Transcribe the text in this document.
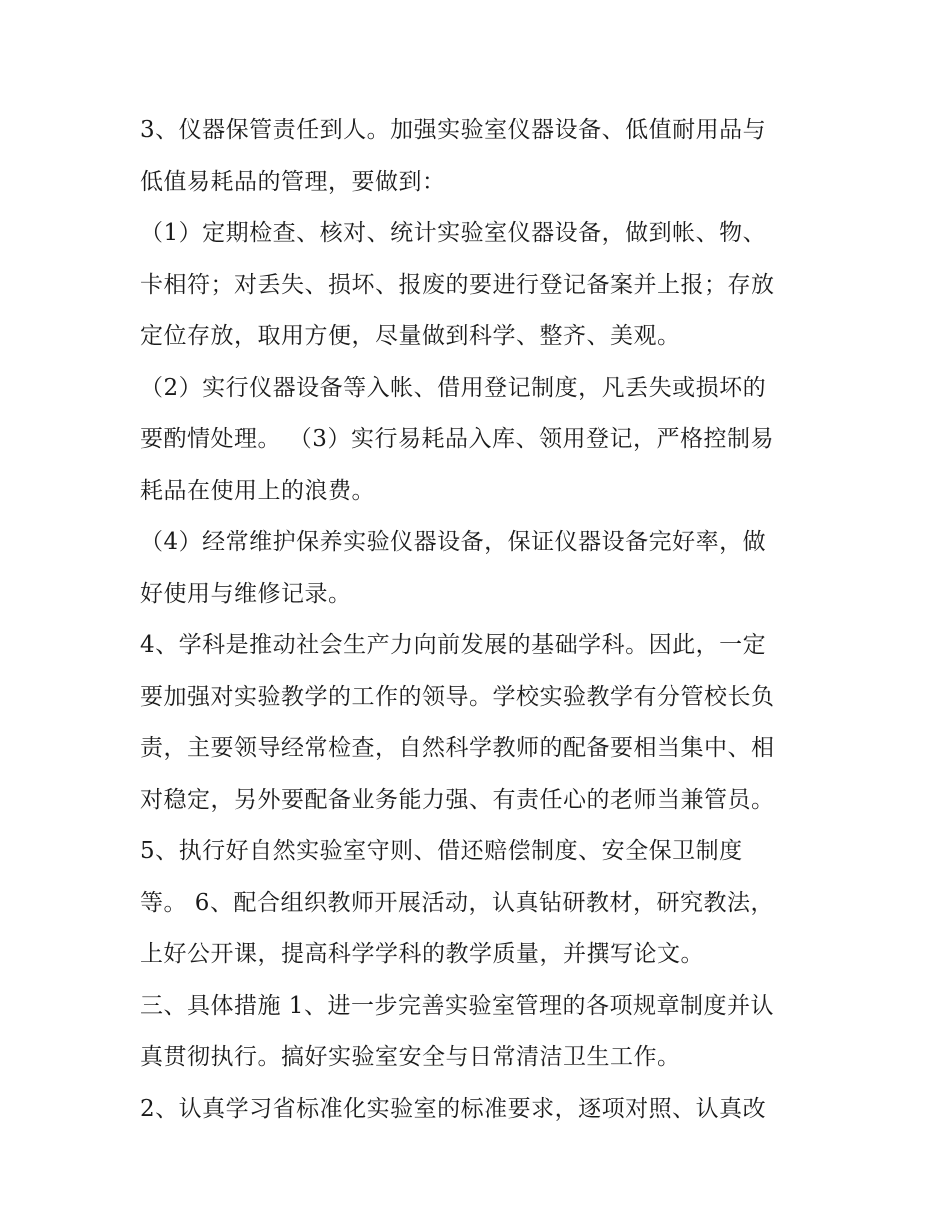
3、仪器保管责任到人。加强实验室仪器设备、低值耐用品与
低值易耗品的管理，要做到：
（1）定期检查、核对、统计实验室仪器设备，做到帐、物、
卡相符；对丢失、损坏、报废的要进行登记备案并上报；存放
定位存放，取用方便，尽量做到科学、整齐、美观。
（2）实行仪器设备等入帐、借用登记制度，凡丢失或损坏的
要酌情处理。 （3）实行易耗品入库、领用登记，严格控制易
耗品在使用上的浪费。
（4）经常维护保养实验仪器设备，保证仪器设备完好率，做
好使用与维修记录。
4、学科是推动社会生产力向前发展的基础学科。因此，一定
要加强对实验教学的工作的领导。学校实验教学有分管校长负
责，主要领导经常检查，自然科学教师的配备要相当集中、相
对稳定，另外要配备业务能力强、有责任心的老师当兼管员。
5、执行好自然实验室守则、借还赔偿制度、安全保卫制度
等。 6、配合组织教师开展活动，认真钻研教材，研究教法，
上好公开课，提高科学学科的教学质量，并撰写论文。
三、具体措施 1、进一步完善实验室管理的各项规章制度并认
真贯彻执行。搞好实验室安全与日常清洁卫生工作。
2、认真学习省标准化实验室的标准要求，逐项对照、认真改
